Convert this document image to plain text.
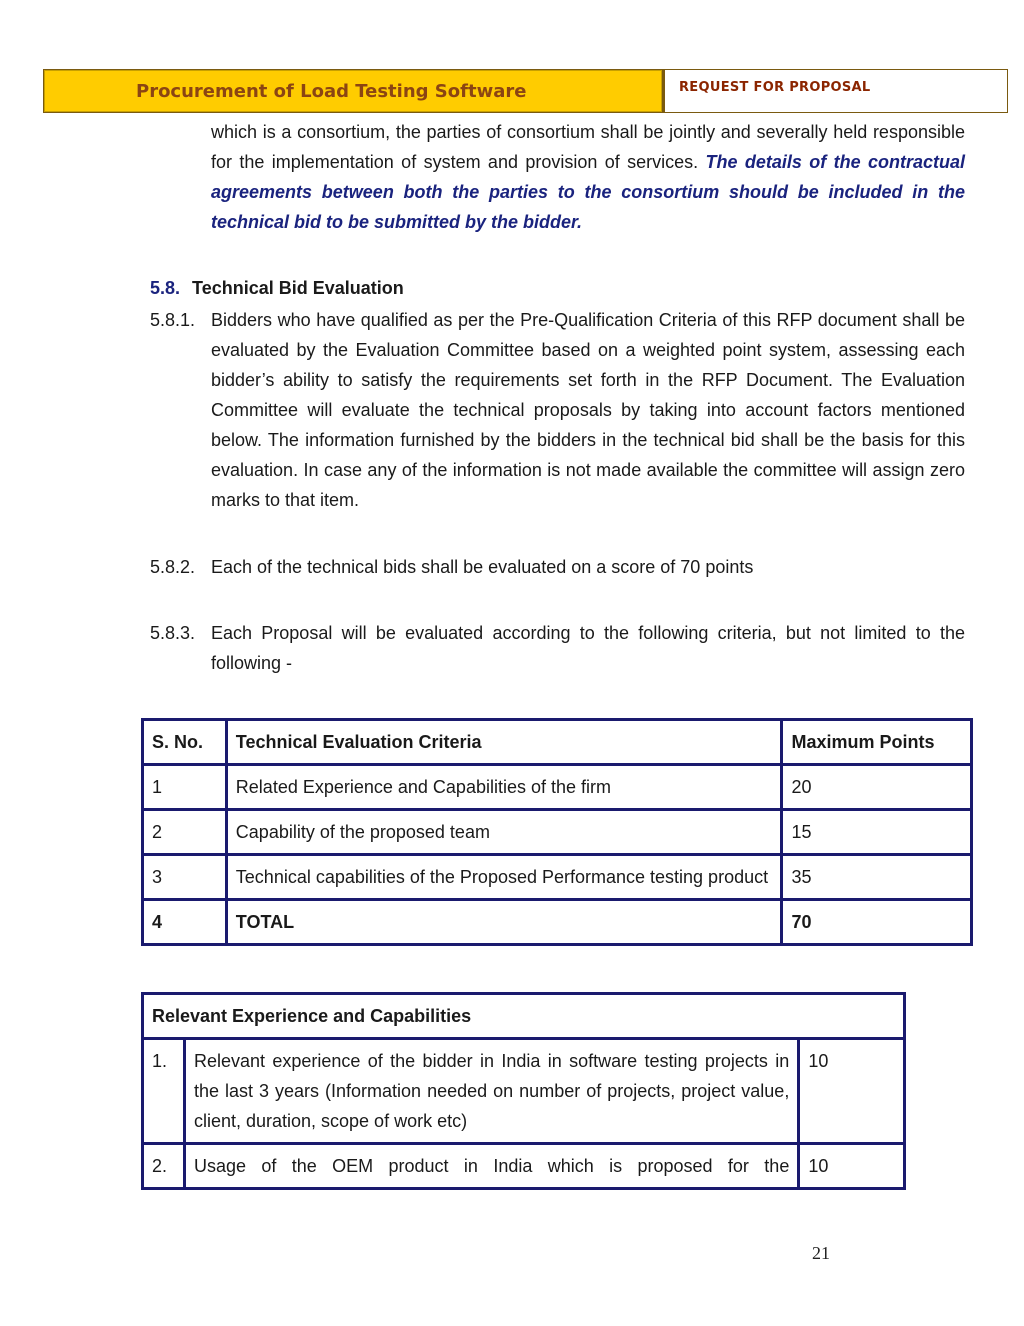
Procurement of Load Testing Software	REQUEST FOR PROPOSAL
which is a consortium, the parties of consortium shall be jointly and severally held responsible for the implementation of system and provision of services. The details of the contractual agreements between both the parties to the consortium should be included in the technical bid to be submitted by the bidder.
5.8. Technical Bid Evaluation
5.8.1. Bidders who have qualified as per the Pre-Qualification Criteria of this RFP document shall be evaluated by the Evaluation Committee based on a weighted point system, assessing each bidder’s ability to satisfy the requirements set forth in the RFP Document. The Evaluation Committee will evaluate the technical proposals by taking into account factors mentioned below. The information furnished by the bidders in the technical bid shall be the basis for this evaluation. In case any of the information is not made available the committee will assign zero marks to that item.
5.8.2. Each of the technical bids shall be evaluated on a score of 70 points
5.8.3. Each Proposal will be evaluated according to the following criteria, but not limited to the following -
S. No.	Technical Evaluation Criteria	Maximum Points
1	Related Experience and Capabilities of the firm	20
2	Capability of the proposed team	15
3	Technical capabilities of the Proposed Performance testing product	35
4	TOTAL	70
Relevant Experience and Capabilities		
1.	Relevant experience of the bidder in India in software testing projects in the last 3 years (Information needed on number of projects, project value, client, duration, scope of work etc)	10
2.	Usage of the OEM product in India which is proposed for the	10
21
